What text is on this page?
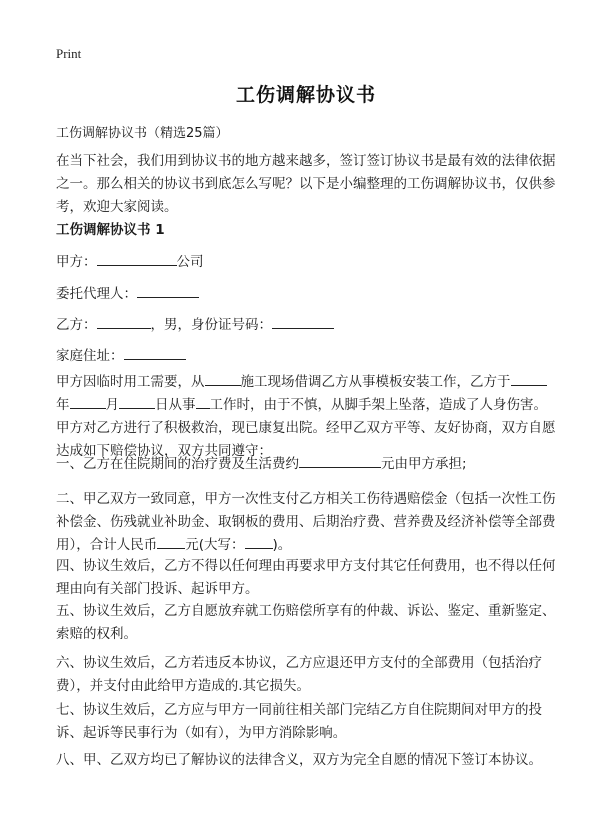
Print
工伤调解协议书
工伤调解协议书（精选25篇）
在当下社会，我们用到协议书的地方越来越多，签订签订协议书是最有效的法律依据之一。那么相关的协议书到底怎么写呢？以下是小编整理的工伤调解协议书，仅供参考，欢迎大家阅读。
工伤调解协议书 1
甲方：	公司
委托代理人：
乙方：	，男，身份证号码：
家庭住址：
甲方因临时用工需要，从	施工现场借调乙方从事模板安装工作，乙方于年	月	日从事 工作时，由于不慎，从脚手架上坠落，造成了人身伤害。甲方对乙方进行了积极救治，现已康复出院。经甲乙双方平等、友好协商，双方自愿达成如下赔偿协议，双方共同遵守：
一、乙方在住院期间的治疗费及生活费约	元由甲方承担;
二、甲乙双方一致同意，甲方一次性支付乙方相关工伤待遇赔偿金（包括一次性工伤补偿金、伤残就业补助金、取钢板的费用、后期治疗费、营养费及经济补偿等全部费用），合计人民币 元(大写： )。
四、协议生效后，乙方不得以任何理由再要求甲方支付其它任何费用，也不得以任何理由向有关部门投诉、起诉甲方。
五、协议生效后，乙方自愿放弃就工伤赔偿所享有的仲裁、诉讼、鉴定、重新鉴定、索赔的权利。
六、协议生效后，乙方若违反本协议，乙方应退还甲方支付的全部费用（包括治疗费），并支付由此给甲方造成的.其它损失。
七、协议生效后，乙方应与甲方一同前往相关部门完结乙方自住院期间对甲方的投诉、起诉等民事行为（如有），为甲方消除影响。
八、甲、乙双方均已了解协议的法律含义，双方为完全自愿的情况下签订本协议。
